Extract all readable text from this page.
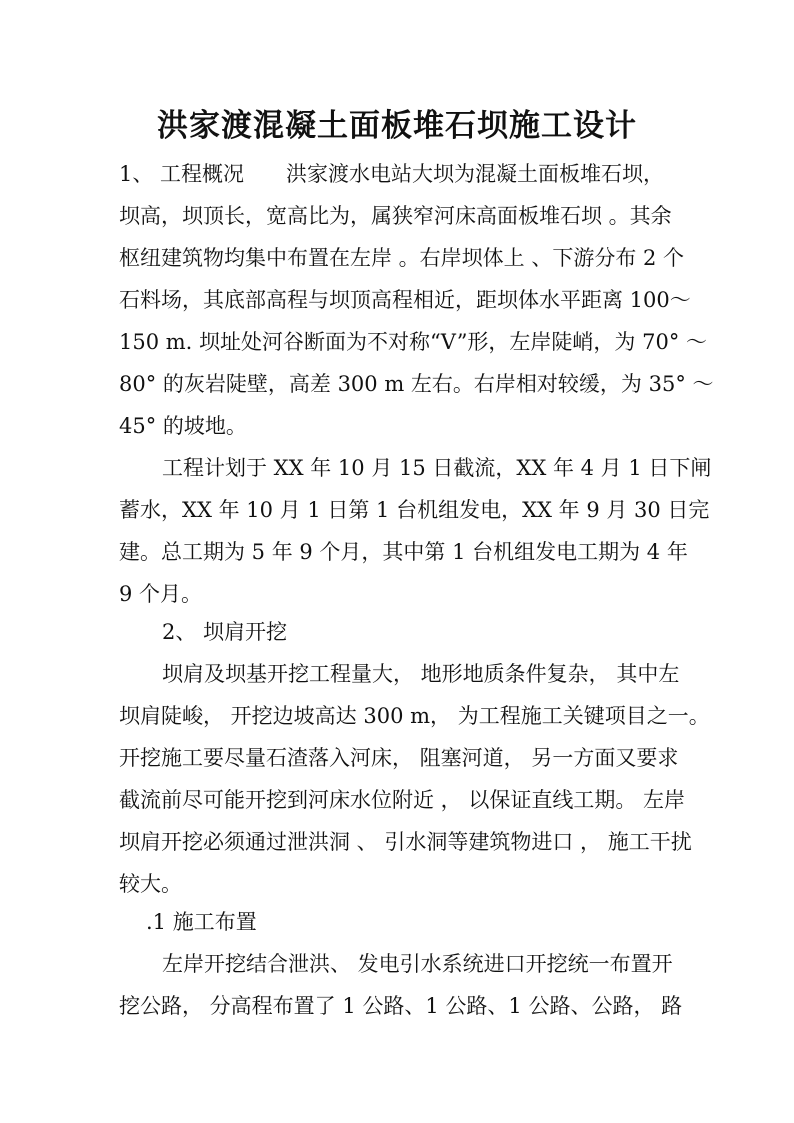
洪家渡混凝土面板堆石坝施工设计
1、 工程概况 洪家渡水电站大坝为混凝土面板堆石坝，
坝高，坝顶长，宽高比为，属狭窄河床高面板堆石坝 。其余
枢纽建筑物均集中布置在左岸 。右岸坝体上 、下游分布 2 个
石料场，其底部高程与坝顶高程相近，距坝体水平距离 100～
150 m. 坝址处河谷断面为不对称“V”形，左岸陡峭，为 70° ～
80° 的灰岩陡壁，高差 300 m 左右。右岸相对较缓，为 35° ～
45° 的坡地。
工程计划于 XX 年 10 月 15 日截流，XX 年 4 月 1 日下闸
蓄水，XX 年 10 月 1 日第 1 台机组发电，XX 年 9 月 30 日完
建。总工期为 5 年 9 个月，其中第 1 台机组发电工期为 4 年
9 个月。
2、 坝肩开挖
坝肩及坝基开挖工程量大， 地形地质条件复杂， 其中左
坝肩陡峻， 开挖边坡高达 300 m， 为工程施工关键项目之一。
开挖施工要尽量石渣落入河床， 阻塞河道， 另一方面又要求
截流前尽可能开挖到河床水位附近 ， 以保证直线工期。 左岸
坝肩开挖必须通过泄洪洞 、 引水洞等建筑物进口 ， 施工干扰
较大。
.1 施工布置
左岸开挖结合泄洪、 发电引水系统进口开挖统一布置开
挖公路， 分高程布置了 1 公路、1 公路、1 公路、公路， 路
